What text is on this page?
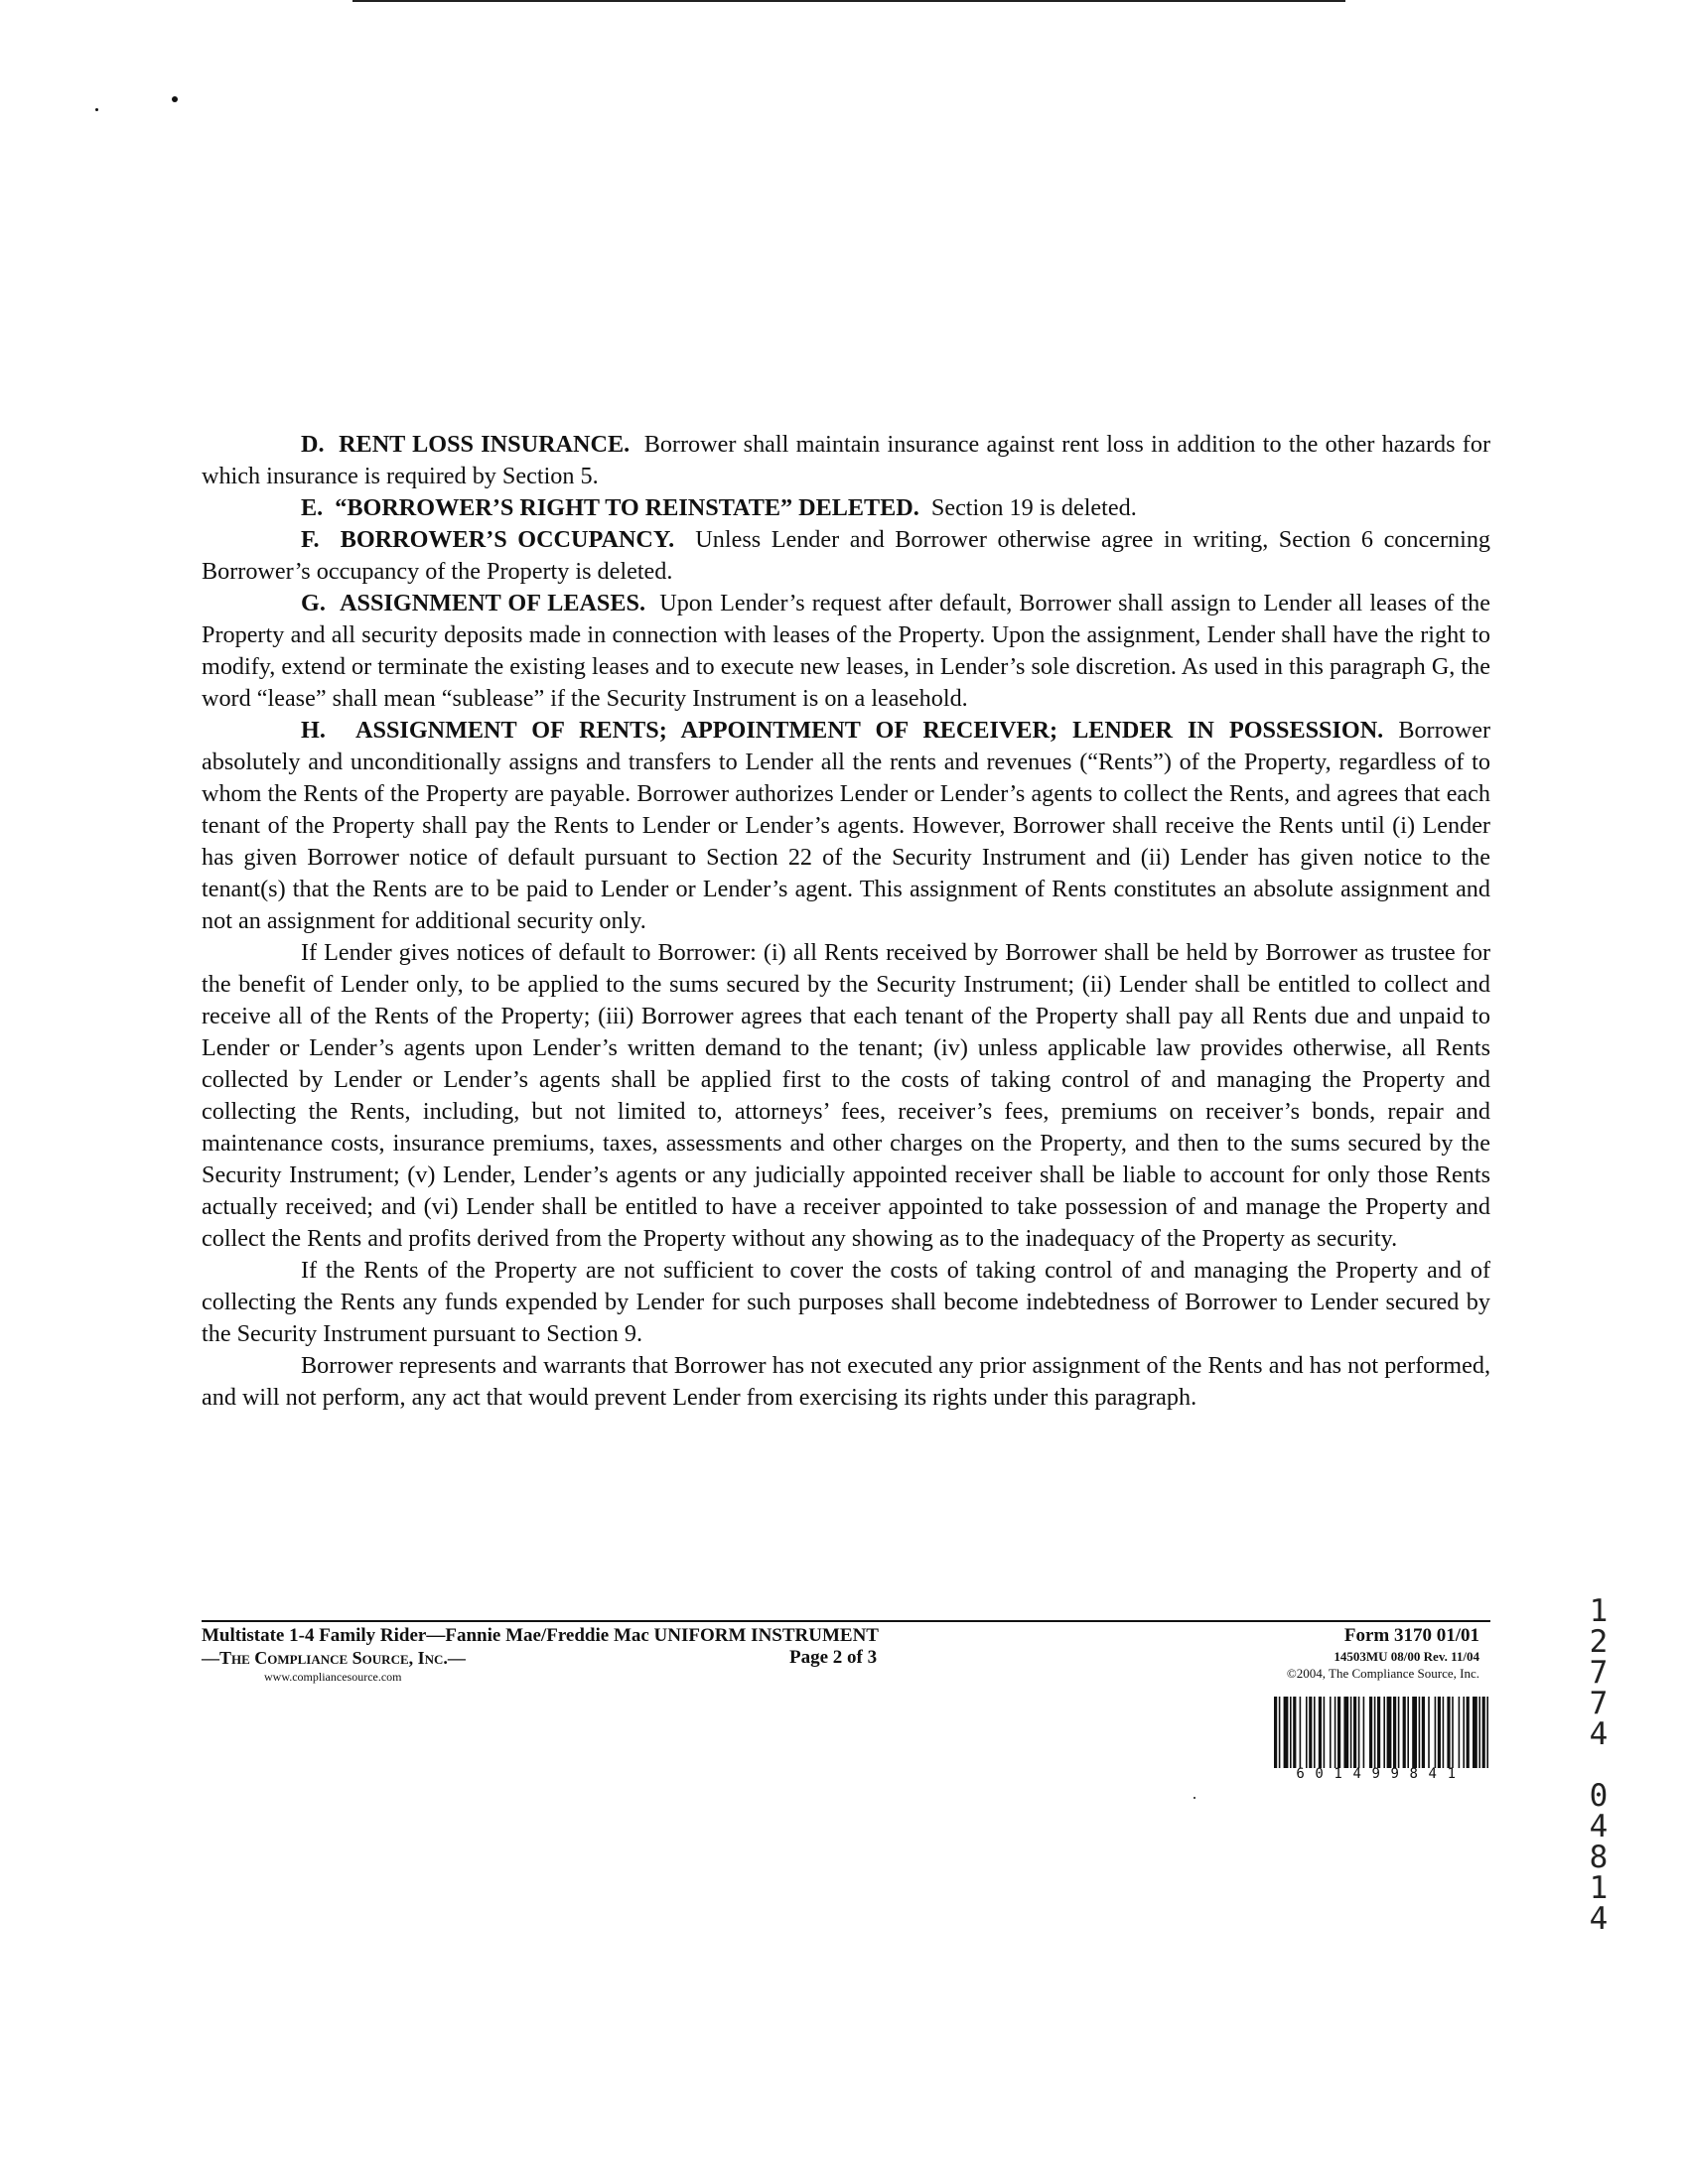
D. RENT LOSS INSURANCE. Borrower shall maintain insurance against rent loss in addition to the other hazards for which insurance is required by Section 5.

E. “BORROWER’S RIGHT TO REINSTATE” DELETED. Section 19 is deleted.

F. BORROWER’S OCCUPANCY. Unless Lender and Borrower otherwise agree in writing, Section 6 concerning Borrower’s occupancy of the Property is deleted.

G. ASSIGNMENT OF LEASES. Upon Lender’s request after default, Borrower shall assign to Lender all leases of the Property and all security deposits made in connection with leases of the Property. Upon the assignment, Lender shall have the right to modify, extend or terminate the existing leases and to execute new leases, in Lender’s sole discretion. As used in this paragraph G, the word “lease” shall mean “sublease” if the Security Instrument is on a leasehold.

H. ASSIGNMENT OF RENTS; APPOINTMENT OF RECEIVER; LENDER IN POSSESSION. Borrower absolutely and unconditionally assigns and transfers to Lender all the rents and revenues (“Rents”) of the Property, regardless of to whom the Rents of the Property are payable. Borrower authorizes Lender or Lender’s agents to collect the Rents, and agrees that each tenant of the Property shall pay the Rents to Lender or Lender’s agents. However, Borrower shall receive the Rents until (i) Lender has given Borrower notice of default pursuant to Section 22 of the Security Instrument and (ii) Lender has given notice to the tenant(s) that the Rents are to be paid to Lender or Lender’s agent. This assignment of Rents constitutes an absolute assignment and not an assignment for additional security only.

If Lender gives notices of default to Borrower: (i) all Rents received by Borrower shall be held by Borrower as trustee for the benefit of Lender only, to be applied to the sums secured by the Security Instrument; (ii) Lender shall be entitled to collect and receive all of the Rents of the Property; (iii) Borrower agrees that each tenant of the Property shall pay all Rents due and unpaid to Lender or Lender’s agents upon Lender’s written demand to the tenant; (iv) unless applicable law provides otherwise, all Rents collected by Lender or Lender’s agents shall be applied first to the costs of taking control of and managing the Property and collecting the Rents, including, but not limited to, attorneys’ fees, receiver’s fees, premiums on receiver’s bonds, repair and maintenance costs, insurance premiums, taxes, assessments and other charges on the Property, and then to the sums secured by the Security Instrument; (v) Lender, Lender’s agents or any judicially appointed receiver shall be liable to account for only those Rents actually received; and (vi) Lender shall be entitled to have a receiver appointed to take possession of and manage the Property and collect the Rents and profits derived from the Property without any showing as to the inadequacy of the Property as security.

If the Rents of the Property are not sufficient to cover the costs of taking control of and managing the Property and of collecting the Rents any funds expended by Lender for such purposes shall become indebtedness of Borrower to Lender secured by the Security Instrument pursuant to Section 9.

Borrower represents and warrants that Borrower has not executed any prior assignment of the Rents and has not performed, and will not perform, any act that would prevent Lender from exercising its rights under this paragraph.

Multistate 1-4 Family Rider—Fannie Mae/Freddie Mac UNIFORM INSTRUMENT
—The Compliance Source, Inc.—
www.compliancesource.com
Page 2 of 3
Form 3170 01/01
14503MU 08/00 Rev. 11/04
©2004, The Compliance Source, Inc.
601499841
1
2
7
7
4
0
4
8
1
4
